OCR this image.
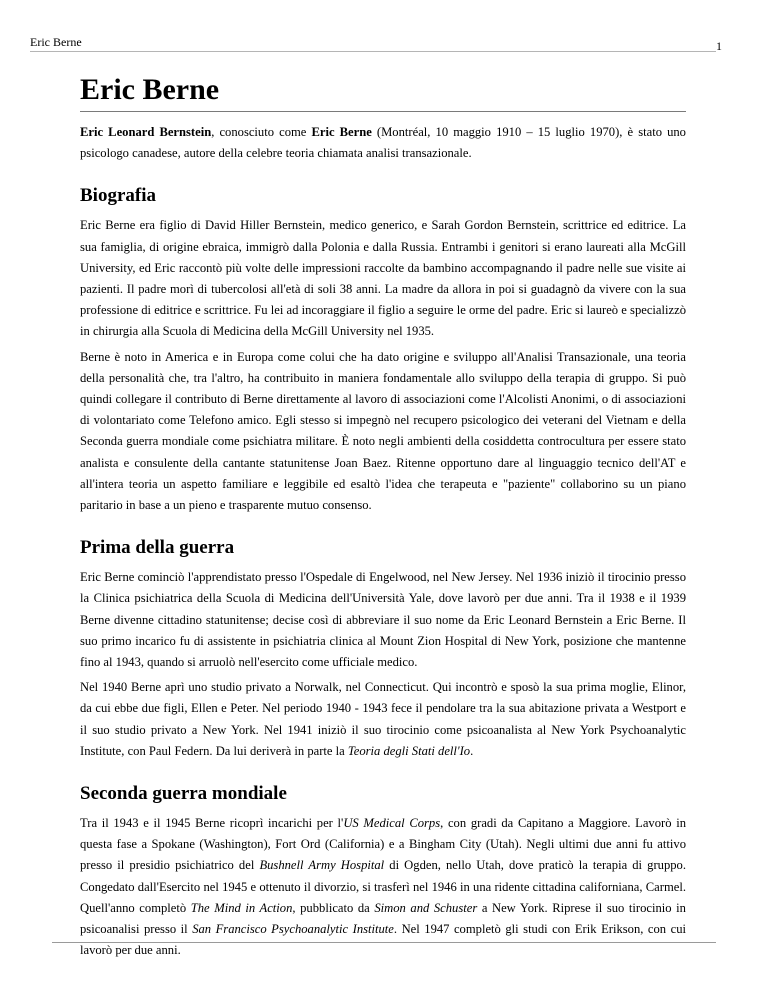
Eric Berne	1
Eric Berne

Eric Leonard Bernstein, conosciuto come Eric Berne (Montréal, 10 maggio 1910 – 15 luglio 1970), è stato uno psicologo canadese, autore della celebre teoria chiamata analisi transazionale.

Biografia

Eric Berne era figlio di David Hiller Bernstein, medico generico, e Sarah Gordon Bernstein, scrittrice ed editrice. La sua famiglia, di origine ebraica, immigrò dalla Polonia e dalla Russia. Entrambi i genitori si erano laureati alla McGill University, ed Eric raccontò più volte delle impressioni raccolte da bambino accompagnando il padre nelle sue visite ai pazienti. Il padre morì di tubercolosi all'età di soli 38 anni. La madre da allora in poi si guadagnò da vivere con la sua professione di editrice e scrittrice. Fu lei ad incoraggiare il figlio a seguire le orme del padre. Eric si laureò e specializzò in chirurgia alla Scuola di Medicina della McGill University nel 1935.

Berne è noto in America e in Europa come colui che ha dato origine e sviluppo all'Analisi Transazionale, una teoria della personalità che, tra l'altro, ha contribuito in maniera fondamentale allo sviluppo della terapia di gruppo. Si può quindi collegare il contributo di Berne direttamente al lavoro di associazioni come l'Alcolisti Anonimi, o di associazioni di volontariato come Telefono amico. Egli stesso si impegnò nel recupero psicologico dei veterani del Vietnam e della Seconda guerra mondiale come psichiatra militare. È noto negli ambienti della cosiddetta controcultura per essere stato analista e consulente della cantante statunitense Joan Baez. Ritenne opportuno dare al linguaggio tecnico dell'AT e all'intera teoria un aspetto familiare e leggibile ed esaltò l'idea che terapeuta e "paziente" collaborino su un piano paritario in base a un pieno e trasparente mutuo consenso.

Prima della guerra

Eric Berne cominciò l'apprendistato presso l'Ospedale di Engelwood, nel New Jersey. Nel 1936 iniziò il tirocinio presso la Clinica psichiatrica della Scuola di Medicina dell'Università Yale, dove lavorò per due anni. Tra il 1938 e il 1939 Berne divenne cittadino statunitense; decise così di abbreviare il suo nome da Eric Leonard Bernstein a Eric Berne. Il suo primo incarico fu di assistente in psichiatria clinica al Mount Zion Hospital di New York, posizione che mantenne fino al 1943, quando si arruolò nell'esercito come ufficiale medico.

Nel 1940 Berne aprì uno studio privato a Norwalk, nel Connecticut. Qui incontrò e sposò la sua prima moglie, Elinor, da cui ebbe due figli, Ellen e Peter. Nel periodo 1940 - 1943 fece il pendolare tra la sua abitazione privata a Westport e il suo studio privato a New York. Nel 1941 iniziò il suo tirocinio come psicoanalista al New York Psychoanalytic Institute, con Paul Federn. Da lui deriverà in parte la Teoria degli Stati dell'Io.

Seconda guerra mondiale

Tra il 1943 e il 1945 Berne ricoprì incarichi per l'US Medical Corps, con gradi da Capitano a Maggiore. Lavorò in questa fase a Spokane (Washington), Fort Ord (California) e a Bingham City (Utah). Negli ultimi due anni fu attivo presso il presidio psichiatrico del Bushnell Army Hospital di Ogden, nello Utah, dove praticò la terapia di gruppo. Congedato dall'Esercito nel 1945 e ottenuto il divorzio, si trasferì nel 1946 in una ridente cittadina californiana, Carmel. Quell'anno completò The Mind in Action, pubblicato da Simon and Schuster a New York. Riprese il suo tirocinio in psicoanalisi presso il San Francisco Psychoanalytic Institute. Nel 1947 completò gli studi con Erik Erikson, con cui lavorò per due anni.
